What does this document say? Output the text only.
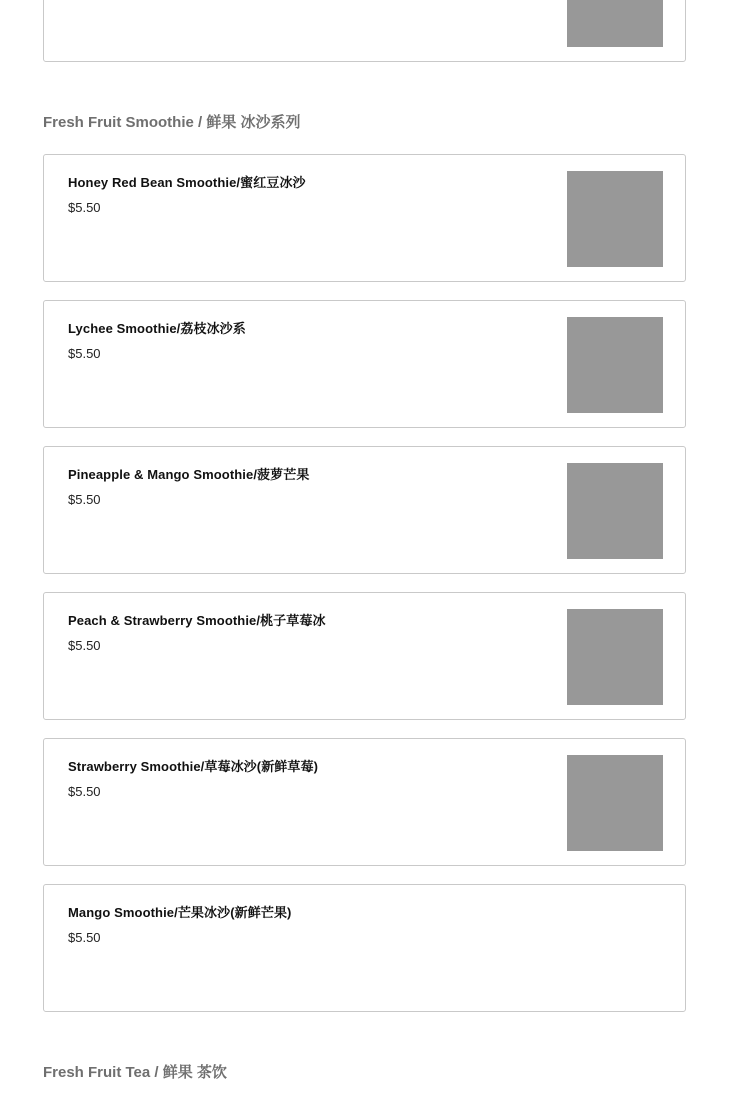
Fresh Fruit Smoothie / 鲜果 冰沙系列
Honey Red Bean Smoothie/蜜红豆冰沙
$5.50
Lychee Smoothie/荔枝冰沙系
$5.50
Pineapple & Mango Smoothie/菠萝芒果
$5.50
Peach & Strawberry Smoothie/桃子草莓冰
$5.50
Strawberry Smoothie/草莓冰沙(新鲜草莓)
$5.50
Mango Smoothie/芒果冰沙(新鲜芒果)
$5.50
Fresh Fruit Tea / 鲜果 茶饮
